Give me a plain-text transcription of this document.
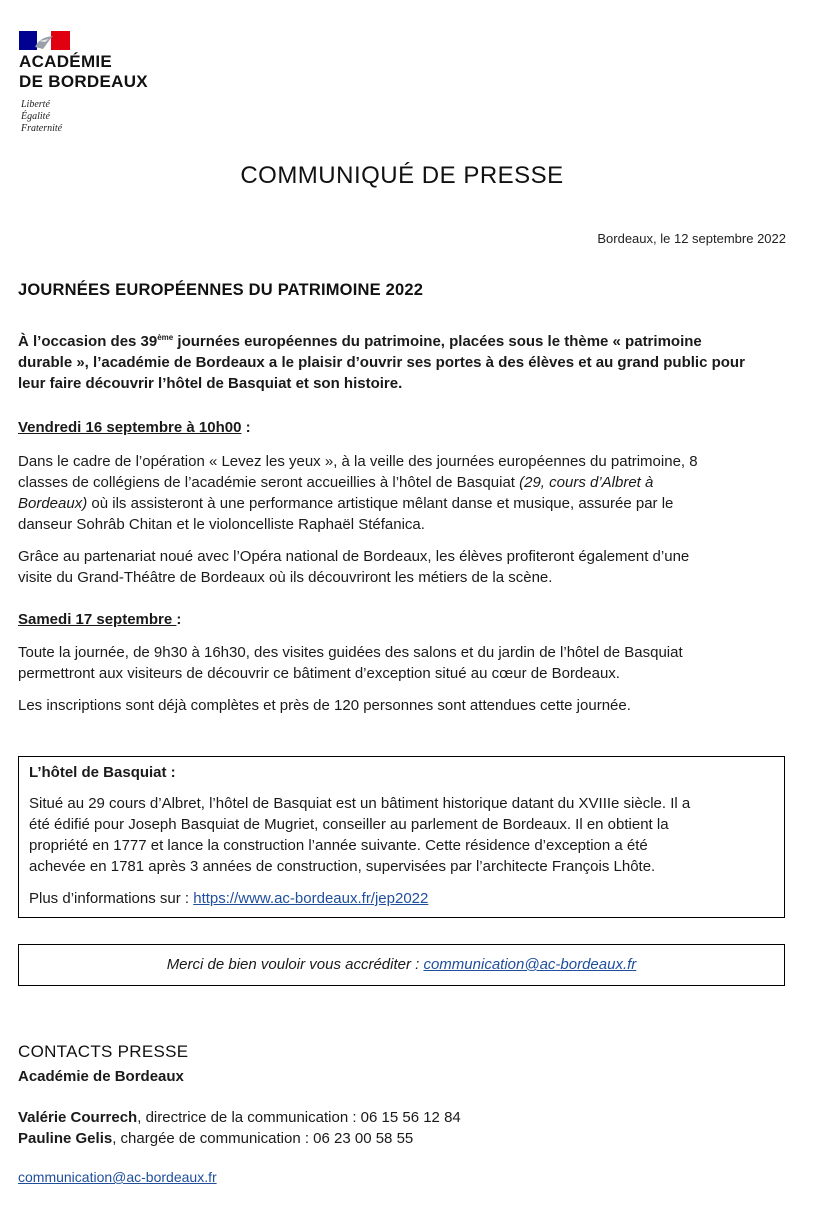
ACADÉMIE
DE BORDEAUX
Liberté
Égalité
Fraternité
COMMUNIQUÉ DE PRESSE
Bordeaux, le 12 septembre 2022
JOURNÉES EUROPÉENNES DU PATRIMOINE 2022
À l’occasion des 39ème journées européennes du patrimoine, placées sous le thème « patrimoine
durable », l’académie de Bordeaux a le plaisir d’ouvrir ses portes à des élèves et au grand public pour
leur faire découvrir l’hôtel de Basquiat et son histoire.
Vendredi 16 septembre à 10h00 :
Dans le cadre de l’opération « Levez les yeux », à la veille des journées européennes du patrimoine, 8
classes de collégiens de l’académie seront accueillies à l’hôtel de Basquiat (29, cours d’Albret à
Bordeaux) où ils assisteront à une performance artistique mêlant danse et musique, assurée par le
danseur Sohrâb Chitan et le violoncelliste Raphaël Stéfanica.
Grâce au partenariat noué avec l’Opéra national de Bordeaux, les élèves profiteront également d’une
visite du Grand-Théâtre de Bordeaux où ils découvriront les métiers de la scène.
Samedi 17 septembre :
Toute la journée, de 9h30 à 16h30, des visites guidées des salons et du jardin de l’hôtel de Basquiat
permettront aux visiteurs de découvrir ce bâtiment d’exception situé au cœur de Bordeaux.
Les inscriptions sont déjà complètes et près de 120 personnes sont attendues cette journée.
L’hôtel de Basquiat :
Situé au 29 cours d’Albret, l’hôtel de Basquiat est un bâtiment historique datant du XVIIIe siècle. Il a
été édifié pour Joseph Basquiat de Mugriet, conseiller au parlement de Bordeaux. Il en obtient la
propriété en 1777 et lance la construction l’année suivante. Cette résidence d’exception a été
achevée en 1781 après 3 années de construction, supervisées par l’architecte François Lhôte.
Plus d’informations sur : https://www.ac-bordeaux.fr/jep2022
Merci de bien vouloir vous accréditer : communication@ac-bordeaux.fr
CONTACTS PRESSE
Académie de Bordeaux
Valérie Courrech, directrice de la communication : 06 15 56 12 84
Pauline Gelis, chargée de communication : 06 23 00 58 55
communication@ac-bordeaux.fr
